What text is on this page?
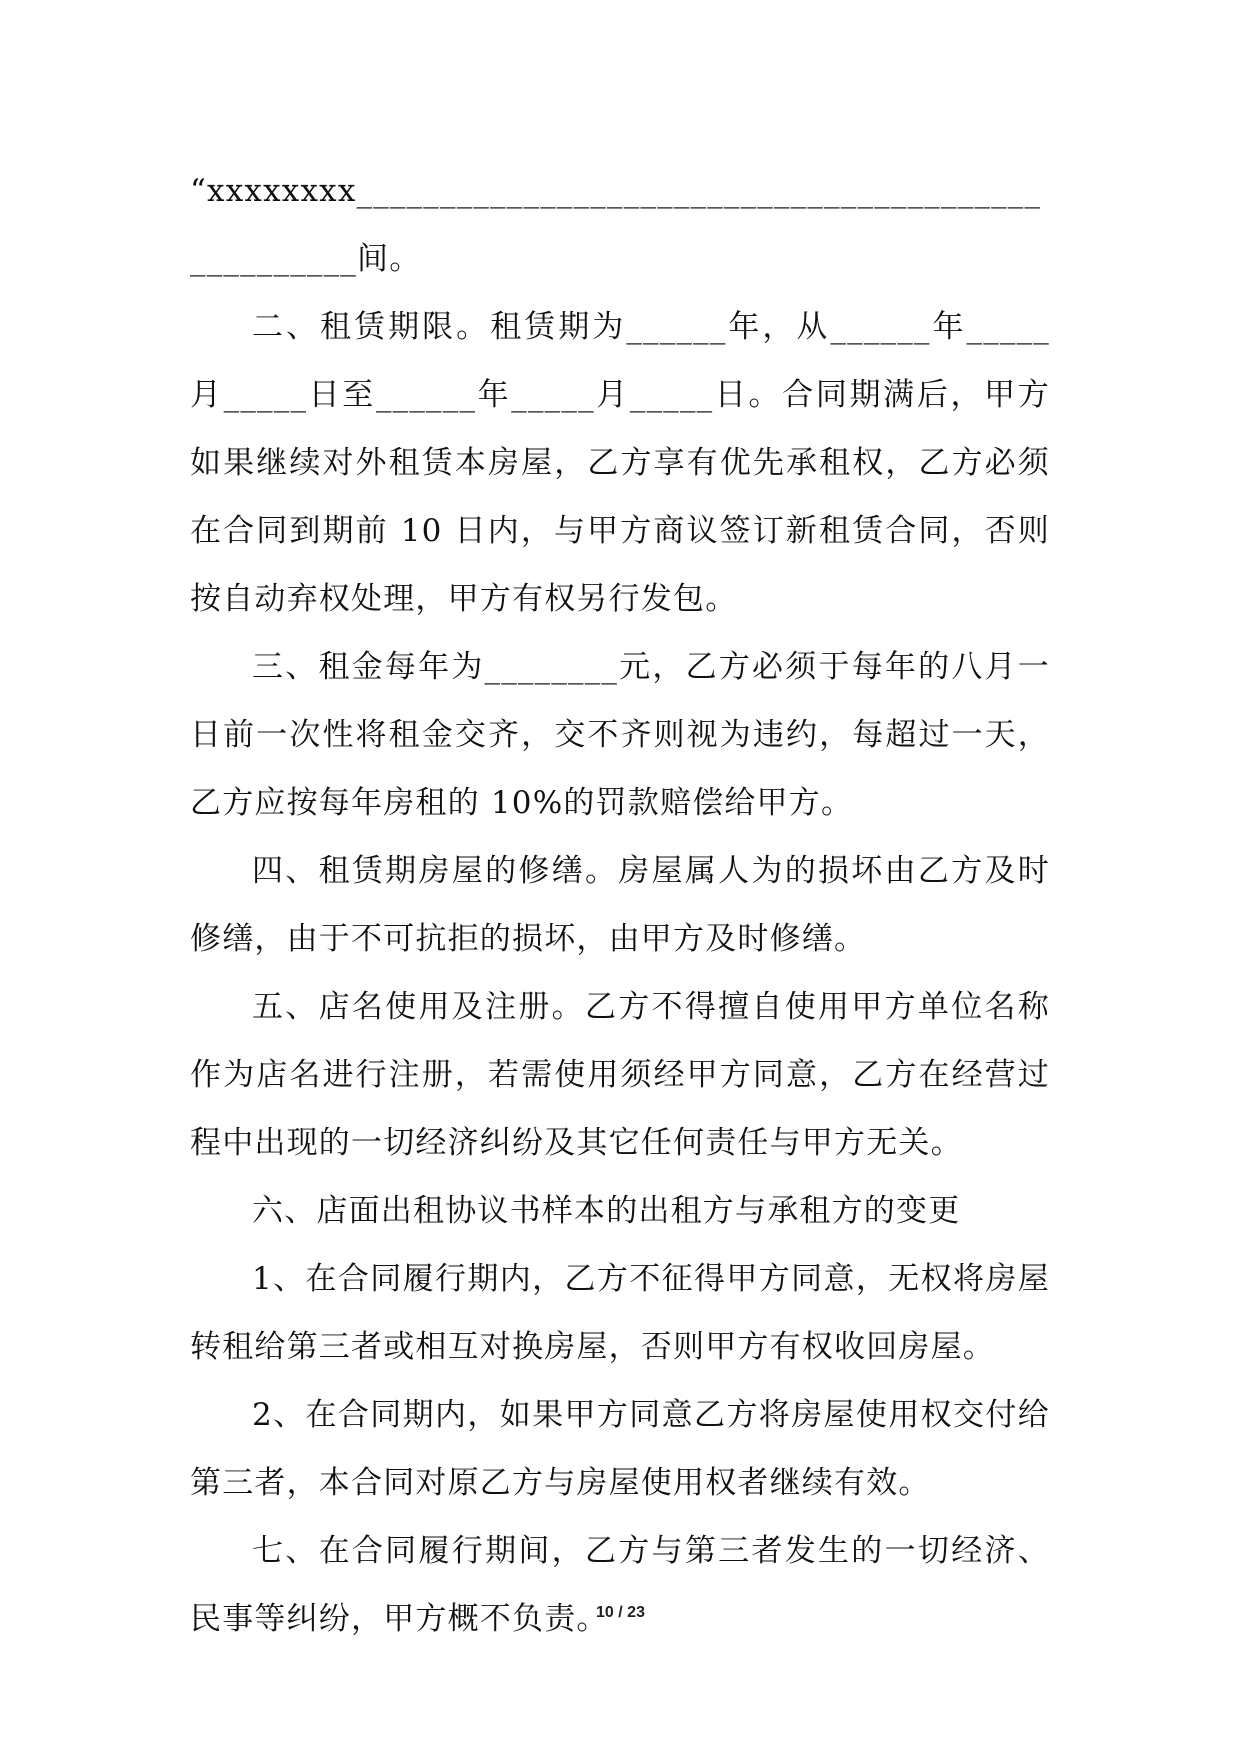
“xxxxxxxx___________________________________________________间。

二、租赁期限。租赁期为______年，从______年_____月_____日至______年_____月_____日。合同期满后，甲方如果继续对外租赁本房屋，乙方享有优先承租权，乙方必须在合同到期前 10 日内，与甲方商议签订新租赁合同，否则按自动弃权处理，甲方有权另行发包。

三、租金每年为________元，乙方必须于每年的八月一日前一次性将租金交齐，交不齐则视为违约，每超过一天，乙方应按每年房租的 10%的罚款赔偿给甲方。

四、租赁期房屋的修缮。房屋属人为的损坏由乙方及时修缮，由于不可抗拒的损坏，由甲方及时修缮。

五、店名使用及注册。乙方不得擅自使用甲方单位名称作为店名进行注册，若需使用须经甲方同意，乙方在经营过程中出现的一切经济纠纷及其它任何责任与甲方无关。

六、店面出租协议书样本的出租方与承租方的变更

1、在合同履行期内，乙方不征得甲方同意，无权将房屋转租给第三者或相互对换房屋，否则甲方有权收回房屋。

2、在合同期内，如果甲方同意乙方将房屋使用权交付给第三者，本合同对原乙方与房屋使用权者继续有效。

七、在合同履行期间，乙方与第三者发生的一切经济、民事等纠纷，甲方概不负责。

10 / 23
